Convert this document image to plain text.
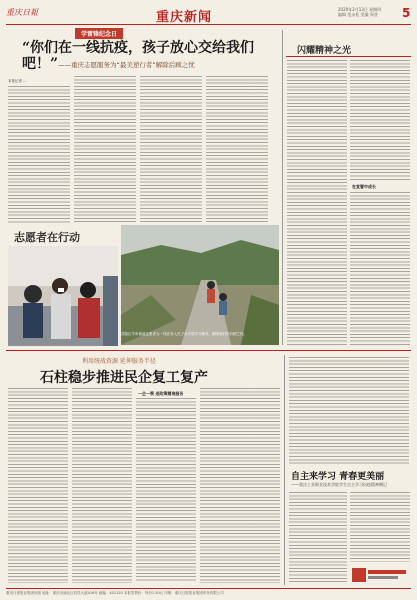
重庆日報	重庆新闻
2020年2月13日 星期四
编辑 范永松 美编 周登 5
学雷锋纪念日
“你们在一线抗疫，孩子放心交给我们吧！” ——重庆志愿服务为“最美逆行者”解除后顾之忧
本报记者 …
志愿者在行动
武隆区羊角街道志愿者为一线医务人员子女开展学习辅导，解除他们的后顾之忧。
闪耀精神之光
在宣誓中成长
利用统战资源 延伸服务半径
石柱稳步推进民企复工复产
一企一策 送政策精准服务
自主来学习 青春更美丽
——重庆工业职业技术学院学生自主学习抗疫精神侧记
重庆日报报业集团出版 地址：重庆市渝北区同茂大道416号 邮编：401120 本报零售价：每份1.50元 印刷：重庆日报报业集团印务有限公司
